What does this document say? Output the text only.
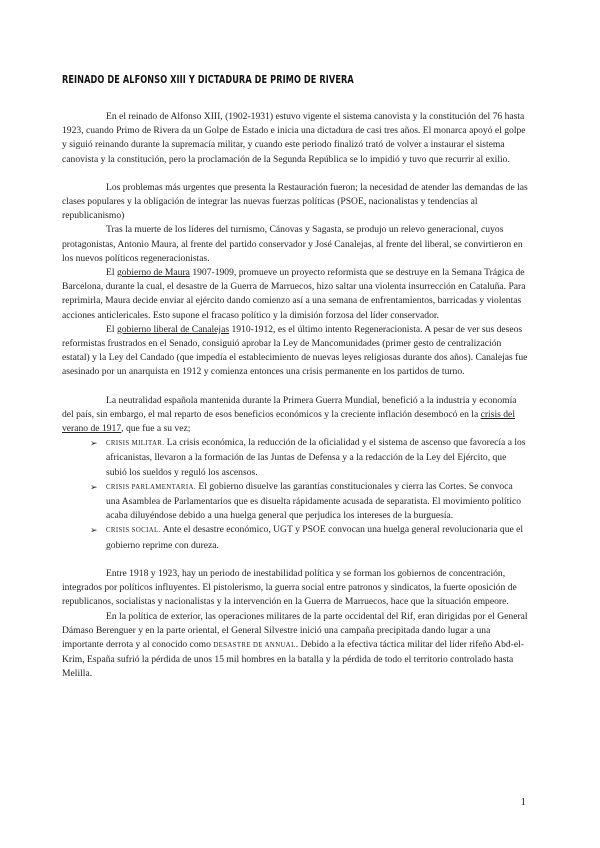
REINADO DE ALFONSO XIII Y DICTADURA DE PRIMO DE RIVERA

En el reinado de Alfonso XIII, (1902-1931) estuvo vigente el sistema canovista y la constitución del 76 hasta 1923, cuando Primo de Rivera da un Golpe de Estado e inicia una dictadura de casi tres años. El monarca apoyó el golpe y siguió reinando durante la supremacía militar, y cuando este periodo finalizó trató de volver a instaurar el sistema canovista y la constitución, pero la proclamación de la Segunda República se lo impidió y tuvo que recurrir al exilio.

Los problemas más urgentes que presenta la Restauración fueron; la necesidad de atender las demandas de las clases populares y la obligación de integrar las nuevas fuerzas políticas (PSOE, nacionalistas y tendencias al republicanismo)

Tras la muerte de los líderes del turnismo, Cánovas y Sagasta, se produjo un relevo generacional, cuyos protagonistas, Antonio Maura, al frente del partido conservador y José Canalejas, al frente del liberal, se convirtieron en los nuevos políticos regeneracionistas.

El gobierno de Maura 1907-1909, promueve un proyecto reformista que se destruye en la Semana Trágica de Barcelona, durante la cual, el desastre de la Guerra de Marruecos, hizo saltar una violenta insurrección en Cataluña. Para reprimirla, Maura decide enviar al ejército dando comienzo así a una semana de enfrentamientos, barricadas y violentas acciones anticlericales. Esto supone el fracaso político y la dimisión forzosa del líder conservador.

El gobierno liberal de Canalejas 1910-1912, es el último intento Regeneracionista. A pesar de ver sus deseos reformistas frustrados en el Senado, consiguió aprobar la Ley de Mancomunidades (primer gesto de centralización estatal) y la Ley del Candado (que impedía el establecimiento de nuevas leyes religiosas durante dos años). Canalejas fue asesinado por un anarquista en 1912 y comienza entonces una crisis permanente en los partidos de turno.

La neutralidad española mantenida durante la Primera Guerra Mundial, benefició a la industria y economía del país, sin embargo, el mal reparto de esos beneficios económicos y la creciente inflación desembocó en la crisis del verano de 1917, que fue a su vez;

➢ CRISIS MILITAR. La crisis económica, la reducción de la oficialidad y el sistema de ascenso que favorecía a los africanistas, llevaron a la formación de las Juntas de Defensa y a la redacción de la Ley del Ejército, que subió los sueldos y reguló los ascensos.
➢ CRISIS PARLAMENTARIA. El gobierno disuelve las garantías constitucionales y cierra las Cortes. Se convoca una Asamblea de Parlamentarios que es disuelta rápidamente acusada de separatista. El movimiento político acaba diluyéndose debido a una huelga general que perjudica los intereses de la burguesía.
➢ CRISIS SOCIAL. Ante el desastre económico, UGT y PSOE convocan una huelga general revolucionaria que el gobierno reprime con dureza.

Entre 1918 y 1923, hay un periodo de inestabilidad política y se forman los gobiernos de concentración, integrados por políticos influyentes. El pistolerismo, la guerra social entre patronos y sindicatos, la fuerte oposición de republicanos, socialistas y nacionalistas y la intervención en la Guerra de Marruecos, hace que la situación empeore.

En la política de exterior, las operaciones militares de la parte occidental del Rif, eran dirigidas por el General Dámaso Berenguer y en la parte oriental, el General Silvestre inició una campaña precipitada dando lugar a una importante derrota y al conocido como DESASTRE DE ANNUAL. Debido a la efectiva táctica militar del líder rifeño Abd-el-Krim, España sufrió la pérdida de unos 15 mil hombres en la batalla y la pérdida de todo el territorio controlado hasta Melilla.

1
